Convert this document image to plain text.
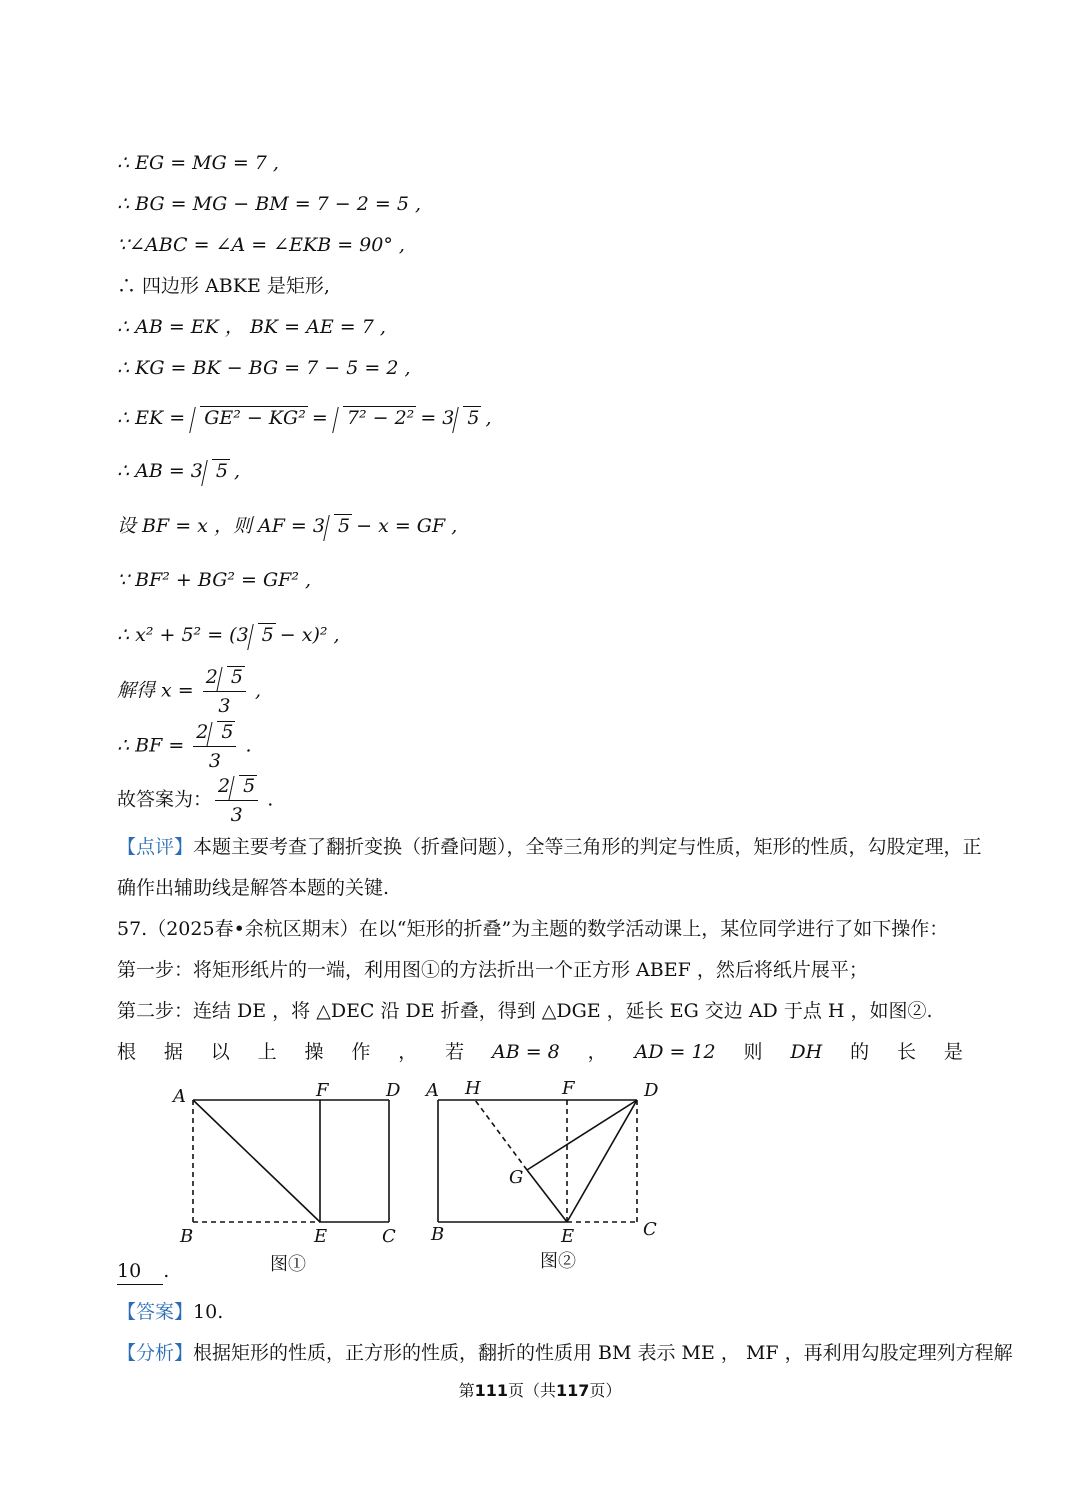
∴ EG = MG = 7 ,
∴ BG = MG − BM = 7 − 2 = 5 ,
∵∠ABC = ∠A = ∠EKB = 90° ,
∴ 四边形 ABKE 是矩形,
∴ AB = EK ， BK = AE = 7 ,
∴ KG = BK − BG = 7 − 5 = 2 ,
∴ EK = GE² − KG² = 7² − 2² = 3 5 ,
∴ AB = 3 5 ,
设 BF = x ，则 AF = 3 5 − x = GF ,
∵ BF² + BG² = GF² ,
∴ x² + 5² = (3 5 − x)² ,
解得 $x = \frac{2 5}{3}$ ,
∴ BF = $\frac{2 5}{3}$ .
故答案为： $\frac{2 5}{3}$ .
【点评】本题主要考查了翻折变换（折叠问题），全等三角形的判定与性质，矩形的性质，勾股定理，正
确作出辅助线是解答本题的关键.
57.（2025春•余杭区期末）在以“矩形的折叠”为主题的数学活动课上，某位同学进行了如下操作：
第一步：将矩形纸片的一端，利用图①的方法折出一个正方形 ABEF ，然后将纸片展平；
第二步：连结 DE ，将 △DEC 沿 DE 折叠，得到 △DGE ，延长 EG 交边 AD 于点 H ，如图②.
根 据 以 上 操 作 ， 若 AB = 8 ， AD = 12 则 DH 的 长 是
A	F	D
B	E	C
A H	F	D
G
B	E	C
图①	图②
10 .
【答案】10.
【分析】根据矩形的性质，正方形的性质，翻折的性质用 BM 表示 ME ， MF ，再利用勾股定理列方程解
第111页（共117页）
